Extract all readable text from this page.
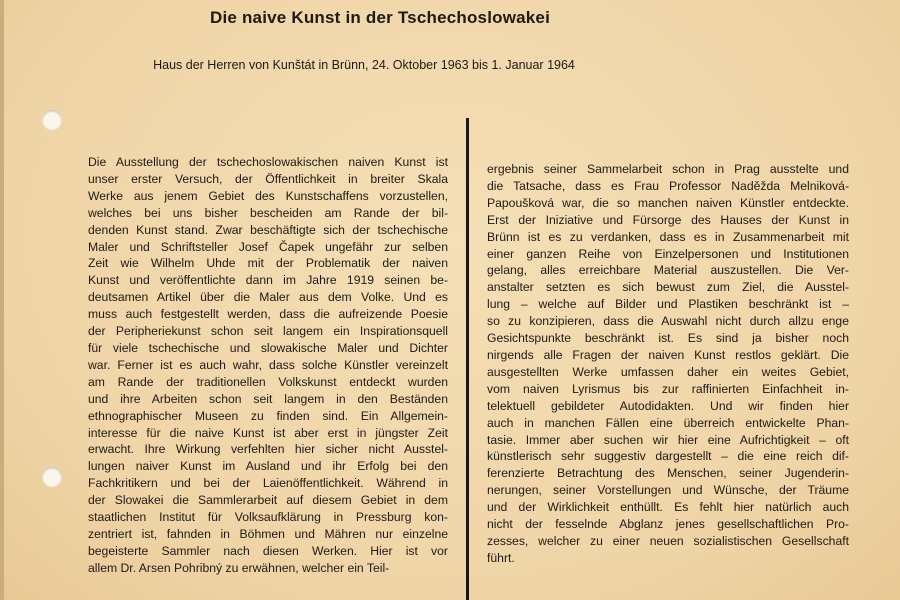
Die naive Kunst in der Tschechoslowakei
Haus der Herren von Kunštát in Brünn, 24. Oktober 1963 bis 1. Januar 1964
Die Ausstellung der tschechoslowakischen naiven Kunst ist
unser erster Versuch, der Öffentlichkeit in breiter Skala
Werke aus jenem Gebiet des Kunstschaffens vorzustellen,
welches bei uns bisher bescheiden am Rande der bil-
denden Kunst stand. Zwar beschäftigte sich der tschechische
Maler und Schriftsteller Josef Čapek ungefähr zur selben
Zeit wie Wilhelm Uhde mit der Problematik der naiven
Kunst und veröffentlichte dann im Jahre 1919 seinen be-
deutsamen Artikel über die Maler aus dem Volke. Und es
muss auch festgestellt werden, dass die aufreizende Poesie
der Peripheriekunst schon seit langem ein Inspirationsquell
für viele tschechische und slowakische Maler und Dichter
war. Ferner ist es auch wahr, dass solche Künstler vereinzelt
am Rande der traditionellen Volkskunst entdeckt wurden
und ihre Arbeiten schon seit langem in den Beständen
ethnographischer Museen zu finden sind. Ein Allgemein-
interesse für die naive Kunst ist aber erst in jüngster Zeit
erwacht. Ihre Wirkung verfehlten hier sicher nicht Ausstel-
lungen naiver Kunst im Ausland und ihr Erfolg bei den
Fachkritikern und bei der Laienöffentlichkeit. Während in
der Slowakei die Sammlerarbeit auf diesem Gebiet in dem
staatlichen Institut für Volksaufklärung in Pressburg kon-
zentriert ist, fahnden in Böhmen und Mähren nur einzelne
begeisterte Sammler nach diesen Werken. Hier ist vor
allem Dr. Arsen Pohribný zu erwähnen, welcher ein Teil-
ergebnis seiner Sammelarbeit schon in Prag ausstelte und
die Tatsache, dass es Frau Professor Naděžda Melniková-
Papoušková war, die so manchen naiven Künstler entdeckte.
Erst der Iniziative und Fürsorge des Hauses der Kunst in
Brünn ist es zu verdanken, dass es in Zusammenarbeit mit
einer ganzen Reihe von Einzelpersonen und Institutionen
gelang, alles erreichbare Material auszustellen. Die Ver-
anstalter setzten es sich bewust zum Ziel, die Ausstel-
lung – welche auf Bilder und Plastiken beschränkt ist –
so zu konzipieren, dass die Auswahl nicht durch allzu enge
Gesichtspunkte beschränkt ist. Es sind ja bisher noch
nirgends alle Fragen der naiven Kunst restlos geklärt. Die
ausgestellten Werke umfassen daher ein weites Gebiet,
vom naiven Lyrismus bis zur raffinierten Einfachheit in-
telektuell gebildeter Autodidakten. Und wir finden hier
auch in manchen Fällen eine überreich entwickelte Phan-
tasie. Immer aber suchen wir hier eine Aufrichtigkeit – oft
künstlerisch sehr suggestiv dargestellt – die eine reich dif-
ferenzierte Betrachtung des Menschen, seiner Jugenderin-
nerungen, seiner Vorstellungen und Wünsche, der Träume
und der Wirklichkeit enthüllt. Es fehlt hier natürlich auch
nicht der fesselnde Abglanz jenes gesellschaftlichen Pro-
zesses, welcher zu einer neuen sozialistischen Gesellschaft
führt.
